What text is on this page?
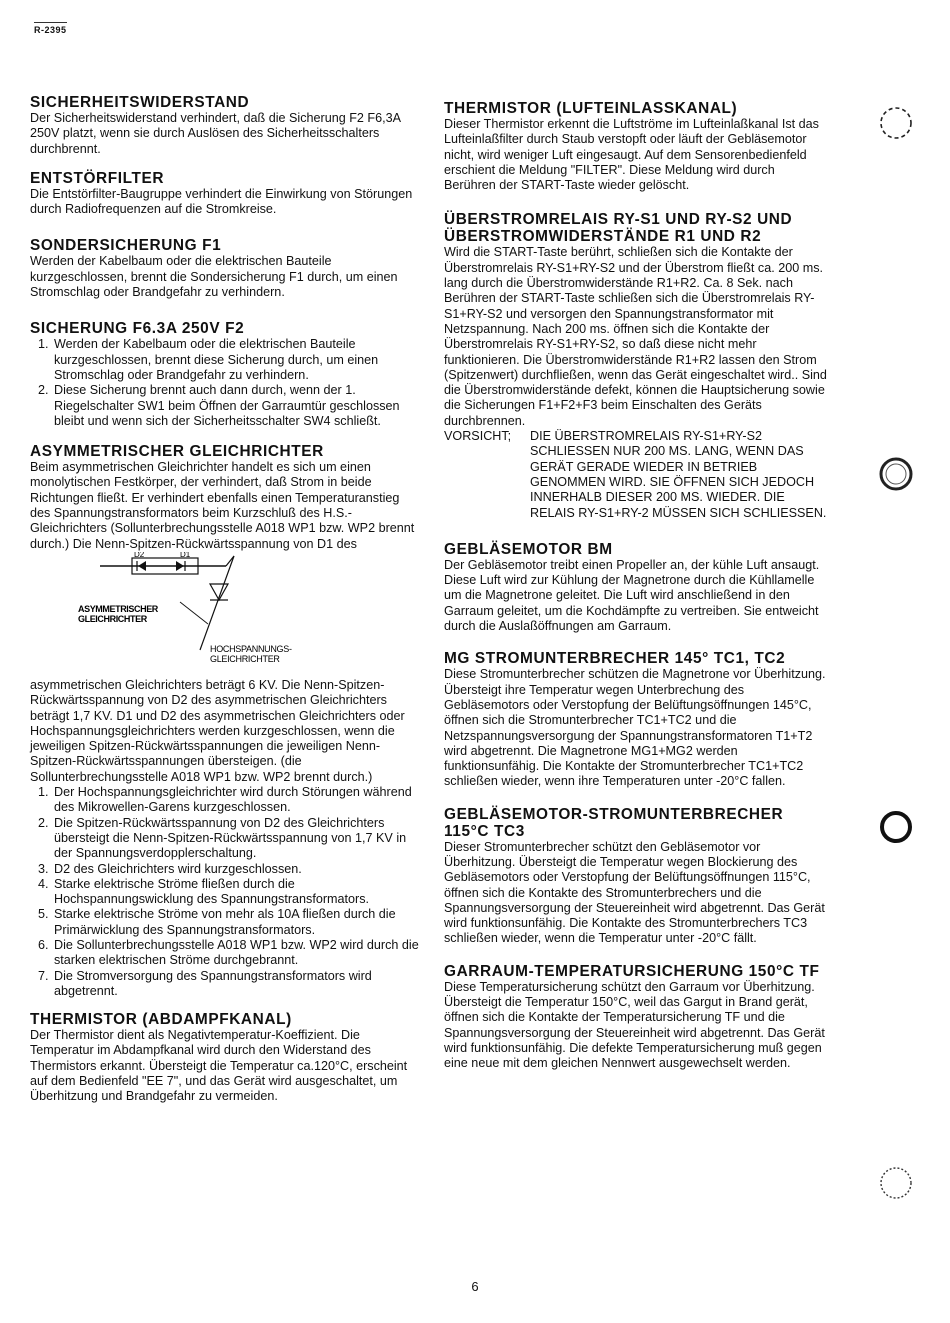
R-2395
SICHERHEITSWIDERSTAND

Der Sicherheitswiderstand verhindert, daß die Sicherung F2 F6,3A 250V platzt, wenn sie durch Auslösen des Sicherheitsschalters durchbrennt.

ENTSTÖRFILTER

Die Entstörfilter-Baugruppe verhindert die Einwirkung von Störungen durch Radiofrequenzen auf die Stromkreise.

SONDERSICHERUNG F1

Werden der Kabelbaum oder die elektrischen Bauteile kurzgeschlossen, brennt die Sondersicherung F1 durch, um einen Stromschlag oder Brandgefahr zu verhindern.

SICHERUNG F6.3A 250V F2
1. Werden der Kabelbaum oder die elektrischen Bauteile kurzgeschlossen, brennt diese Sicherung durch, um einen Stromschlag oder Brandgefahr zu verhindern.
2. Diese Sicherung brennt auch dann durch, wenn der 1. Riegelschalter SW1 beim Öffnen der Garraumtür geschlossen bleibt und wenn sich der Sicherheitsschalter SW4 schließt.
ASYMMETRISCHER GLEICHRICHTER

Beim asymmetrischen Gleichrichter handelt es sich um einen monolytischen Festkörper, der verhindert, daß Strom in beide Richtungen fließt. Er verhindert ebenfalls einen Temperaturanstieg des Spannungstransformators beim Kurzschluß des H.S.-Gleichrichters (Sollunterbrechungsstelle A018 WP1 bzw. WP2 brennt durch.) Die Nenn-Spitzen-Rückwärtsspannung von D1 des

D2	D1
ASYMMETRISCHER
GLEICHRICHTER
HOCHSPANNUNGS-
GLEICHRICHTER

asymmetrischen Gleichrichters beträgt 6 KV. Die Nenn-Spitzen-Rückwärtsspannung von D2 des asymmetrischen Gleichrichters beträgt 1,7 KV. D1 und D2 des asymmetrischen Gleichrichters oder Hochspannungsgleichrichters werden kurzgeschlossen, wenn die jeweiligen Spitzen-Rückwärtsspannungen die jeweiligen Nenn-Spitzen-Rückwärtsspannungen übersteigen. (die Sollunterbrechungsstelle A018 WP1 bzw. WP2 brennt durch.)

1. Der Hochspannungsgleichrichter wird durch Störungen während des Mikrowellen-Garens kurzgeschlossen.
2. Die Spitzen-Rückwärtsspannung von D2 des Gleichrichters übersteigt die Nenn-Spitzen-Rückwärtsspannung von 1,7 KV in der Spannungsverdopplerschaltung.
3. D2 des Gleichrichters wird kurzgeschlossen.
4. Starke elektrische Ströme fließen durch die Hochspannungswicklung des Spannungstransformators.
5. Starke elektrische Ströme von mehr als 10A fließen durch die Primärwicklung des Spannungstransformators.
6. Die Sollunterbrechungsstelle A018 WP1 bzw. WP2 wird durch die starken elektrischen Ströme durchgebrannt.
7. Die Stromversorgung des Spannungstransformators wird abgetrennt.
THERMISTOR (ABDAMPFKANAL)

Der Thermistor dient als Negativtemperatur-Koeffizient. Die Temperatur im Abdampfkanal wird durch den Widerstand des Thermistors erkannt. Übersteigt die Temperatur ca.120°C, erscheint auf dem Bedienfeld "EE 7", und das Gerät wird ausgeschaltet, um Überhitzung und Brandgefahr zu vermeiden.

THERMISTOR (LUFTEINLASSKANAL)

Dieser Thermistor erkennt die Luftströme im Lufteinlaßkanal Ist das Lufteinlaßfilter durch Staub verstopft oder läuft der Gebläsemotor nicht, wird weniger Luft eingesaugt. Auf dem Sensorenbedienfeld erschient die Meldung "FILTER". Diese Meldung wird durch Berühren der START-Taste wieder gelöscht.

ÜBERSTROMRELAIS RY-S1 UND RY-S2 UND ÜBERSTROMWIDERSTÄNDE R1 UND R2

Wird die START-Taste berührt, schließen sich die Kontakte der Überstromrelais RY-S1+RY-S2 und der Überstrom fließt ca. 200 ms. lang durch die Überstromwiderstände R1+R2. Ca. 8 Sek. nach Berühren der START-Taste schließen sich die Überstromrelais RY-S1+RY-S2 und versorgen den Spannungstransformator mit Netzspannung. Nach 200 ms. öffnen sich die Kontakte der Überstromrelais RY-S1+RY-S2, so daß diese nicht mehr funktionieren. Die Überstromwiderstände R1+R2 lassen den Strom (Spitzenwert) durchfließen, wenn das Gerät eingeschaltet wird.. Sind die Überstromwiderstände defekt, können die Hauptsicherung sowie die Sicherungen F1+F2+F3 beim Einschalten des Geräts durchbrennen.

VORSICHT;	DIE ÜBERSTROMRELAIS RY-S1+RY-S2

SCHLIESSEN NUR 200 MS. LANG, WENN DAS GERÄT GERADE WIEDER IN BETRIEB GENOMMEN WIRD. SIE ÖFFNEN SICH JEDOCH INNERHALB DIESER 200 MS. WIEDER. DIE RELAIS RY-S1+RY-2 MÜSSEN SICH SCHLIESSEN.

GEBLÄSEMOTOR BM

Der Gebläsemotor treibt einen Propeller an, der kühle Luft ansaugt. Diese Luft wird zur Kühlung der Magnetrone durch die Kühllamelle um die Magnetrone geleitet. Die Luft wird anschließend in den Garraum geleitet, um die Kochdämpfte zu vertreiben. Sie entweicht durch die Auslaßöffnungen am Garraum.

MG STROMUNTERBRECHER 145° TC1, TC2

Diese Stromunterbrecher schützen die Magnetrone vor Überhitzung. Übersteigt ihre Temperatur wegen Unterbrechung des Gebläsemotors oder Verstopfung der Belüftungsöffnungen 145°C, öffnen sich die Stromunterbrecher TC1+TC2 und die Netzspannungsversorgung der Spannungstransformatoren T1+T2 wird abgetrennt. Die Magnetrone MG1+MG2 werden funktionsunfähig. Die Kontakte der Stromunterbrecher TC1+TC2 schließen wieder, wenn ihre Temperaturen unter -20°C fallen.

GEBLÄSEMOTOR-STROMUNTERBRECHER 115°C TC3

Dieser Stromunterbrecher schützt den Gebläsemotor vor Überhitzung. Übersteigt die Temperatur wegen Blockierung des Gebläsemotors oder Verstopfung der Belüftungsöffnungen 115°C, öffnen sich die Kontakte des Stromunterbrechers und die Spannungsversorgung der Steuereinheit wird abgetrennt. Das Gerät wird funktionsunfähig. Die Kontakte des Stromunterbrechers TC3 schließen wieder, wenn die Temperatur unter -20°C fällt.

GARRAUM-TEMPERATURSICHERUNG 150°C TF

Diese Temperatursicherung schützt den Garraum vor Überhitzung. Übersteigt die Temperatur 150°C, weil das Gargut in Brand gerät, öffnen sich die Kontakte der Temperatursicherung TF und die Spannungsversorgung der Steuereinheit wird abgetrennt. Das Gerät wird funktionsunfähig. Die defekte Temperatursicherung muß gegen eine neue mit dem gleichen Nennwert ausgewechselt werden.

6
